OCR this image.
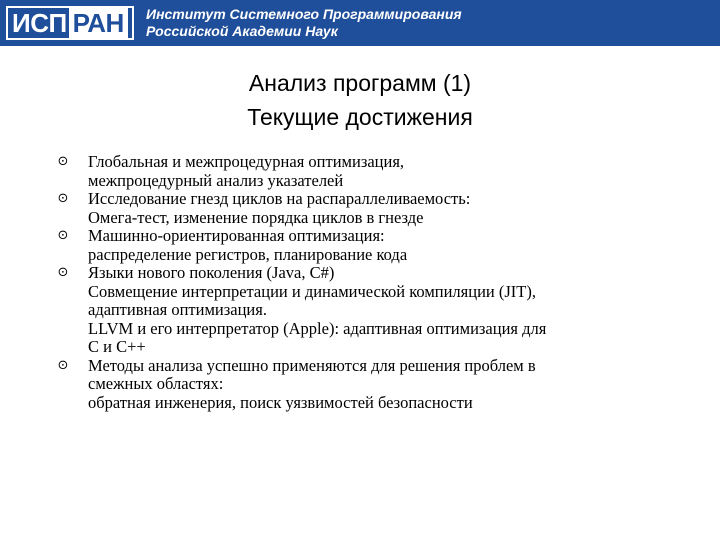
ИСП РАН Институт Системного Программирования
Российской Академии Наук
Анализ программ (1)
Текущие достижения
⊙ Глобальная и межпроцедурная оптимизация,
межпроцедурный анализ указателей
⊙ Исследование гнезд циклов на распараллеливаемость:
Омега-тест, изменение порядка циклов в гнезде
⊙ Машинно-ориентированная оптимизация:
распределение регистров, планирование кода
⊙ Языки нового поколения (Java, C#)
Совмещение интерпретации и динамической компиляции (JIT),
адаптивная оптимизация.
LLVM и его интерпретатор (Apple): адаптивная оптимизация для
С и С++
⊙ Методы анализа успешно применяются для решения проблем в
смежных областях:
обратная инженерия, поиск уязвимостей безопасности
